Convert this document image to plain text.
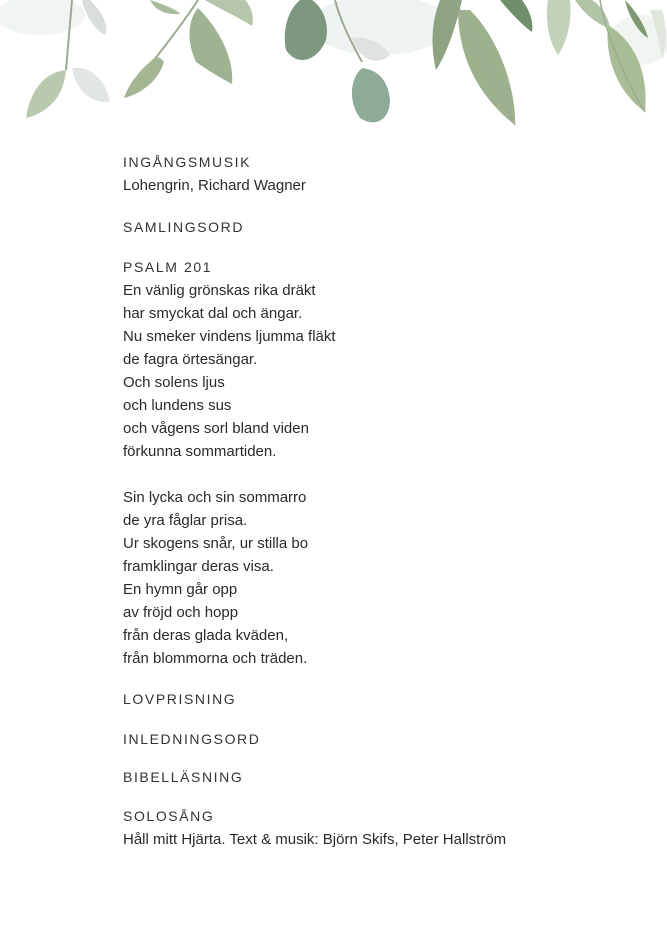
INGÅNGSMUSIK

Lohengrin, Richard Wagner

SAMLINGSORD

PSALM 201

En vänlig grönskas rika dräkt
har smyckat dal och ängar.
Nu smeker vindens ljumma fläkt
de fagra örtesängar.
Och solens ljus
och lundens sus
och vågens sorl bland viden
förkunna sommartiden.
Sin lycka och sin sommarro
de yra fåglar prisa.
Ur skogens snår, ur stilla bo
framklingar deras visa.
En hymn går opp
av fröjd och hopp
från deras glada kväden,
från blommorna och träden.

LOVPRISNING

INLEDNINGSORD

BIBELLÄSNING

SOLOSÅNG

Håll mitt Hjärta. Text & musik: Björn Skifs, Peter Hallström
